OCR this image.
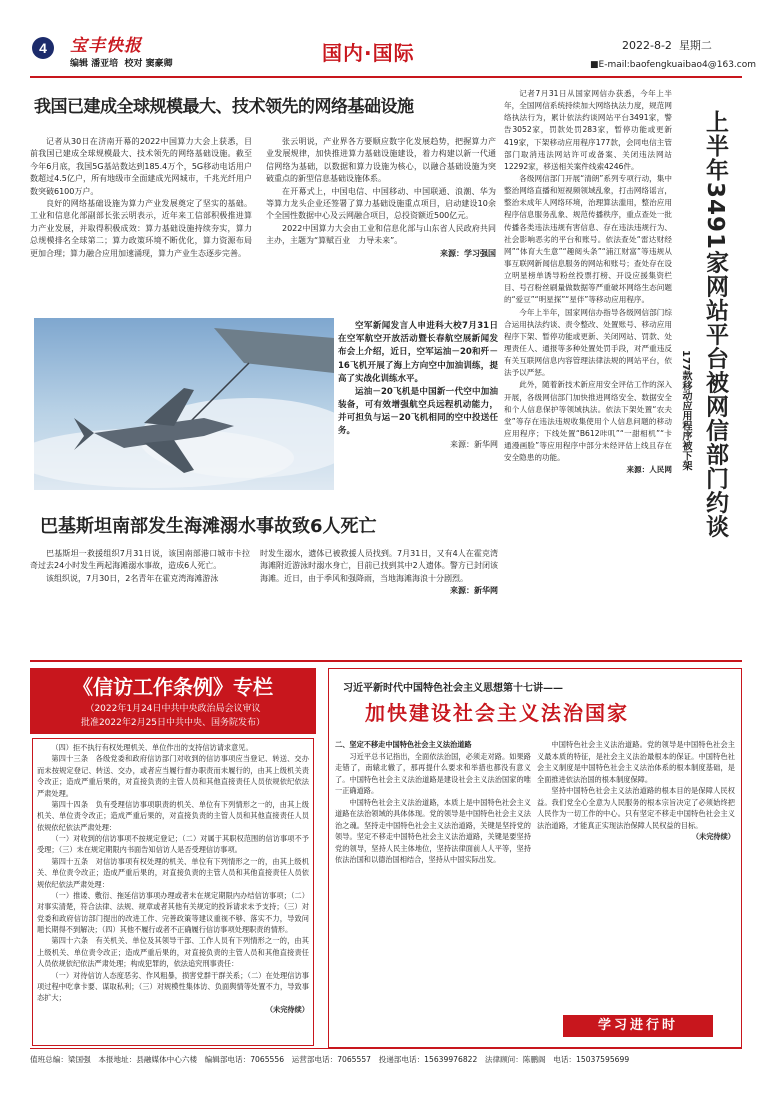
4	宝丰快报
编辑 潘亚培 校对 窦豪卿	国内·国际	2022-8-2 星期二
■E-mail:baofengkuaibao4@163.com
我国已建成全球规模最大、技术领先的网络基础设施

记者从30日在济南开幕的2022中国算力大会上获悉，目前我国已建成全球规模最大、技术领先的网络基础设施。截至今年6月底，我国5G基站数达到185.4万个，5G移动电话用户数超过4.5亿户，所有地级市全面建成光网城市，千兆光纤用户数突破6100万户。

良好的网络基础设施为算力产业发展奠定了坚实的基础。工业和信息化部副部长张云明表示，近年来工信部积极推进算力产业发展，并取得积极成效：算力基础设施持续夯实，算力总规模排名全球第二；算力政策环境不断优化，算力资源布局更加合理；算力融合应用加速涌现，算力产业生态逐步完善。

张云明说，产业界各方要顺应数字化发展趋势，把握算力产业发展规律，加快推进算力基础设施建设，着力构建以新一代通信网络为基础，以数据和算力设施为核心，以融合基础设施为突破重点的新型信息基础设施体系。

在开幕式上，中国电信、中国移动、中国联通、浪潮、华为等算力龙头企业还签署了算力基础设施重点项目，启动建设10余个全国性数据中心及云网融合项目，总投资额近500亿元。

2022中国算力大会由工业和信息化部与山东省人民政府共同主办，主题为“算赋百业　力导未来”。

来源：学习强国

空军新闻发言人申进科大校7月31日在空军航空开放活动暨长春航空展新闻发布会上介绍，近日，空军运油－20和歼－16飞机开展了海上方向空中加油训练，提高了实战化训练水平。

运油－20飞机是中国新一代空中加油装备，可有效增强航空兵远程机动能力，并可担负与运－20飞机相同的空中投送任务。

来源：新华网
巴基斯坦南部发生海滩溺水事故致6人死亡

巴基斯坦一救援组织7月31日说，该国南部港口城市卡拉奇过去24小时发生两起海滩溺水事故，造成6人死亡。

该组织说，7月30日，2名青年在霍克湾海滩游泳

时发生溺水，遗体已被救援人员找到。7月31日，又有4人在霍克湾海滩附近游泳时溺水身亡，目前已找到其中2人遗体。警方已封闭该海滩。近日，由于季风和强降雨，当地海滩海浪十分剧烈。

来源：新华网
上半年3491家网站平台被网信部门约谈
177款移动应用程序被下架

记者7月31日从国家网信办获悉，今年上半年，全国网信系统持续加大网络执法力度，规范网络执法行为，累计依法约谈网站平台3491家，警告3052家，罚款处罚283家，暂停功能或更新419家，下架移动应用程序177款，会同电信主管部门取消违法网站许可或备案、关闭违法网站12292家，移送相关案件线索4246件。

各级网信部门开展“清朗”系列专项行动，集中整治网络直播和短视频领域乱象，打击网络谣言，整治未成年人网络环境，治理算法滥用，整治应用程序信息服务乱象、规范传播秩序，重点查处一批传播各类违法违规有害信息、存在违法违规行为、社会影响恶劣的平台和账号。依法查处“雷达财经网”“体育大生意”“趣阅头条”“浦江财富”等违规从事互联网新闻信息服务的网站和账号；查处存在设立明星榜单诱导粉丝投票打榜、开设应援集资栏目、号召粉丝刷量做数据等严重破坏网络生态问题的“爱豆”“明星探”“星伴”等移动应用程序。

今年上半年，国家网信办指导各级网信部门综合运用执法约谈、责令整改、处置账号、移动应用程序下架、暂停功能或更新、关闭网站、罚款、处理责任人、通报等多种处置处罚手段，对严重违反有关互联网信息内容管理法律法规的网站平台，依法予以严惩。

此外，随着新技术新应用安全评估工作的深入开展，各级网信部门加快推进网络安全、数据安全和个人信息保护等领域执法。依法下架处置“农夫堂”等存在违法违规收集使用个人信息问题的移动应用程序；下线处置“B612咔叽”“一甜相机”“卡通漫画脸”等应用程序中部分未经评估上线且存在安全隐患的功能。

来源：人民网
《信访工作条例》专栏
（2022年1月24日中共中央政治局会议审议
批准2022年2月25日中共中央、国务院发布）

（四）拒不执行有权处理机关、单位作出的支持信访请求意见。

第四十三条　各级党委和政府信访部门对收到的信访事项应当登记、转送、交办而未按规定登记、转送、交办，或者应当履行督办职责而未履行的，由其上级机关责令改正；造成严重后果的，对直接负责的主管人员和其他直接责任人员依规依纪依法严肃处理。

第四十四条　负有受理信访事项职责的机关、单位有下列情形之一的，由其上级机关、单位责令改正；造成严重后果的，对直接负责的主管人员和其他直接责任人员依规依纪依法严肃处理：

（一）对收到的信访事项不按规定登记；（二）对属于其职权范围的信访事项不予受理；（三）未在规定期限内书面告知信访人是否受理信访事项。

第四十五条　对信访事项有权处理的机关、单位有下列情形之一的，由其上级机关、单位责令改正；造成严重后果的，对直接负责的主管人员和其他直接责任人员依规依纪依法严肃处理：

（一）推诿、敷衍、拖延信访事项办理或者未在规定期限内办结信访事项；（二）对事实清楚，符合法律、法规、规章或者其他有关规定的投诉请求未予支持；（三）对党委和政府信访部门提出的改进工作、完善政策等建议重视不够、落实不力，导致问题长期得不到解决；（四）其他不履行或者不正确履行信访事项处理职责的情形。

第四十六条　有关机关、单位及其领导干部、工作人员有下列情形之一的，由其上级机关、单位责令改正；造成严重后果的，对直接负责的主管人员和其他直接责任人员依规依纪依法严肃处理；构成犯罪的，依法追究刑事责任：

（一）对待信访人态度恶劣、作风粗暴，损害党群干群关系；（二）在处理信访事项过程中吃拿卡要、谋取私利；（三）对规模性集体访、负面舆情等处置不力，导致事态扩大；

（未完待续）
习近平新时代中国特色社会主义思想第十七讲——
加快建设社会主义法治国家
二、坚定不移走中国特色社会主义法治道路

习近平总书记指出，全面依法治国，必须走对路。如果路走错了，南辕北辙了，那再提什么要求和举措也都没有意义了。中国特色社会主义法治道路是建设社会主义法治国家的唯一正确道路。

中国特色社会主义法治道路，本质上是中国特色社会主义道路在法治领域的具体体现。党的领导是中国特色社会主义法治之魂。坚持走中国特色社会主义法治道路，关键是坚持党的领导。坚定不移走中国特色社会主义法治道路，关键是要坚持党的领导，坚持人民主体地位，坚持法律面前人人平等，坚持依法治国和以德治国相结合，坚持从中国实际出发。

中国特色社会主义法治道路。党的领导是中国特色社会主义最本质的特征，是社会主义法治最根本的保证。中国特色社会主义制度是中国特色社会主义法治体系的根本制度基础，是全面推进依法治国的根本制度保障。

坚持中国特色社会主义法治道路的根本目的是保障人民权益。我们党全心全意为人民服务的根本宗旨决定了必须始终把人民作为一切工作的中心。只有坚定不移走中国特色社会主义法治道路，才能真正实现法治保障人民权益的目标。

（未完待续）
学习进行时
值班总编：梁国强　本报地址：县融媒体中心六楼　编辑部电话：7065556　运营部电话：7065557　投递部电话：15639976822　法律顾问：陈鹏阁　电话：15037595699
